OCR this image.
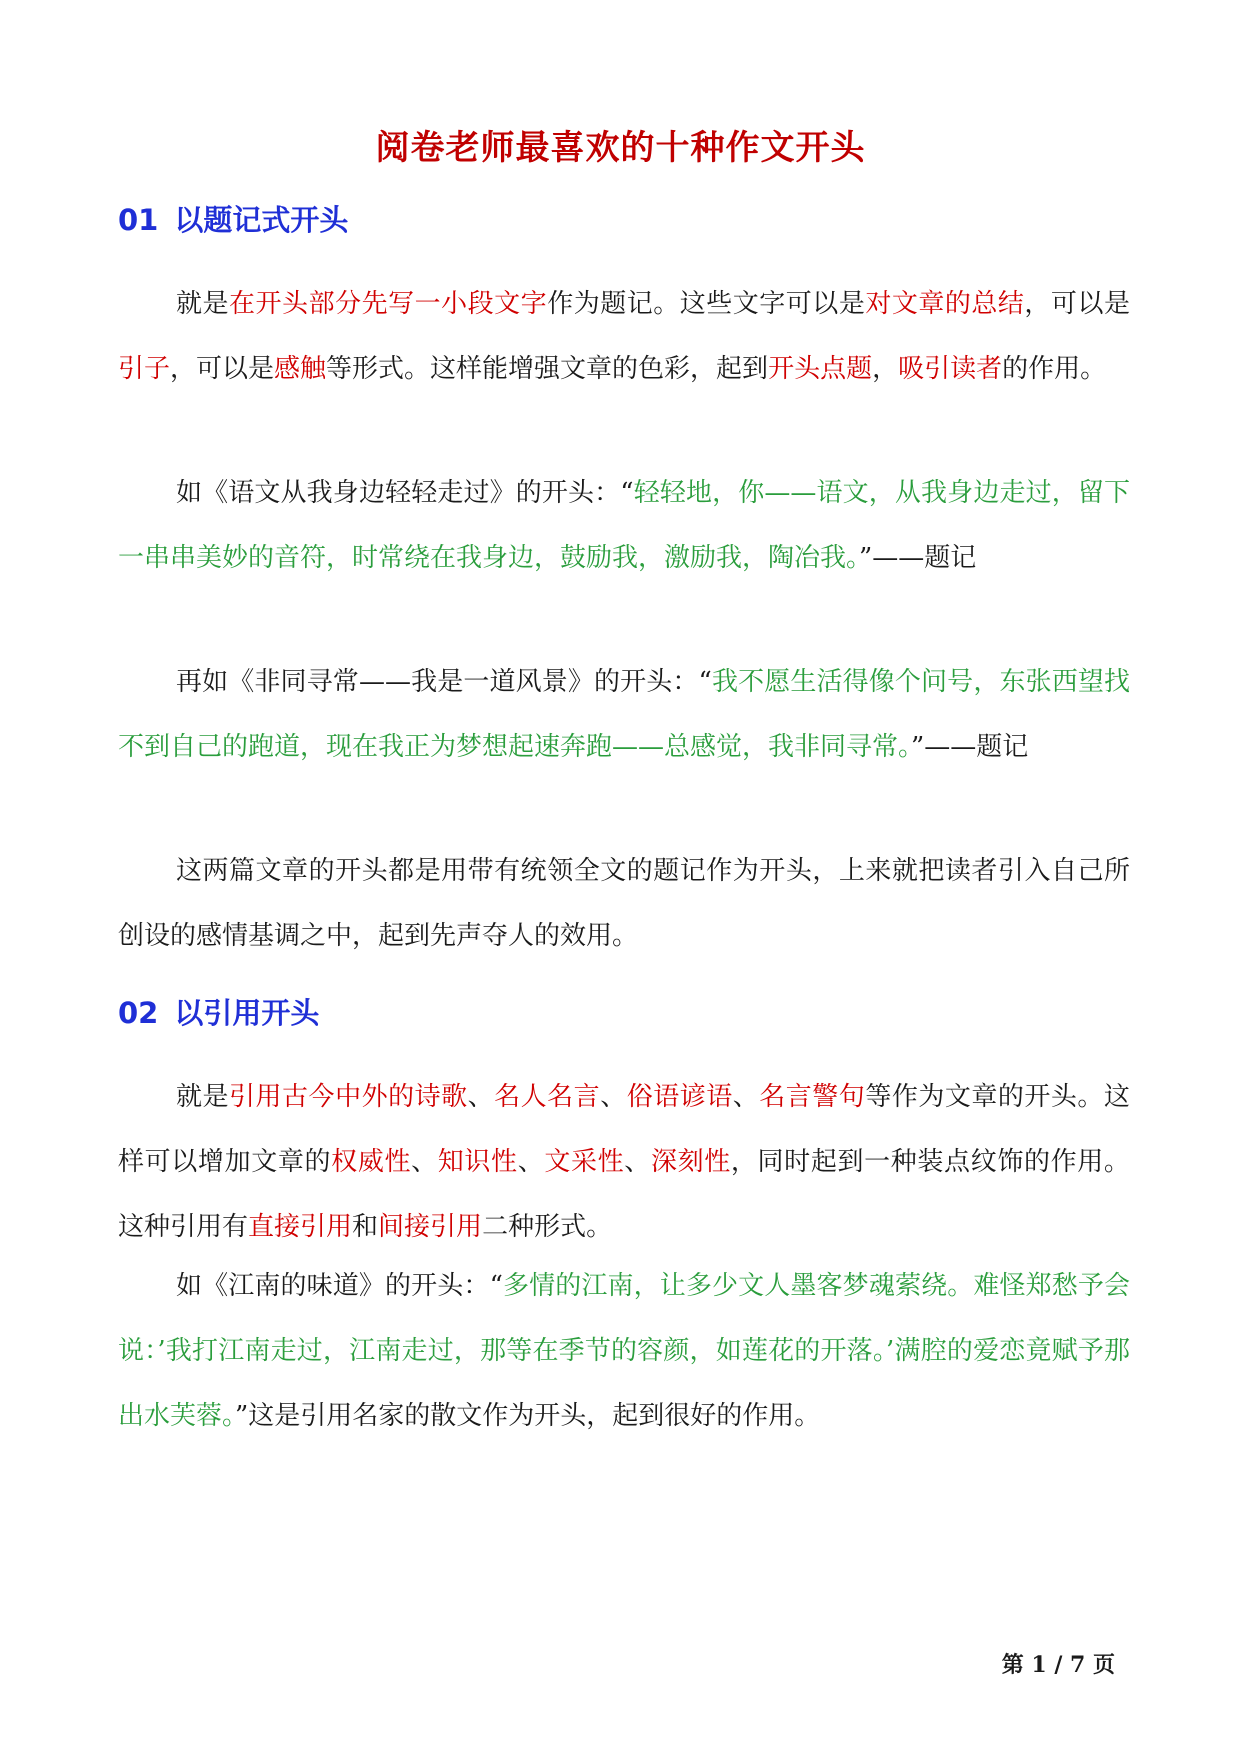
阅卷老师最喜欢的十种作文开头
01 以题记式开头

就是在开头部分先写一小段文字作为题记。这些文字可以是对文章的总结，可以是引子，可以是感触等形式。这样能增强文章的色彩，起到开头点题，吸引读者的作用。

如《语文从我身边轻轻走过》的开头：“轻轻地，你——语文，从我身边走过，留下一串串美妙的音符，时常绕在我身边，鼓励我，激励我，陶冶我。”——题记

再如《非同寻常——我是一道风景》的开头：“我不愿生活得像个问号，东张西望找不到自己的跑道，现在我正为梦想起速奔跑——总感觉，我非同寻常。”——题记

这两篇文章的开头都是用带有统领全文的题记作为开头，上来就把读者引入自己所创设的感情基调之中，起到先声夺人的效用。

02 以引用开头

就是引用古今中外的诗歌、名人名言、俗语谚语、名言警句等作为文章的开头。这样可以增加文章的权威性、知识性、文采性、深刻性，同时起到一种装点纹饰的作用。这种引用有直接引用和间接引用二种形式。

如《江南的味道》的开头：“多情的江南，让多少文人墨客梦魂萦绕。难怪郑愁予会说：’我打江南走过，江南走过，那等在季节的容颜，如莲花的开落。’满腔的爱恋竟赋予那出水芙蓉。”这是引用名家的散文作为开头，起到很好的作用。

第 1 / 7 页
